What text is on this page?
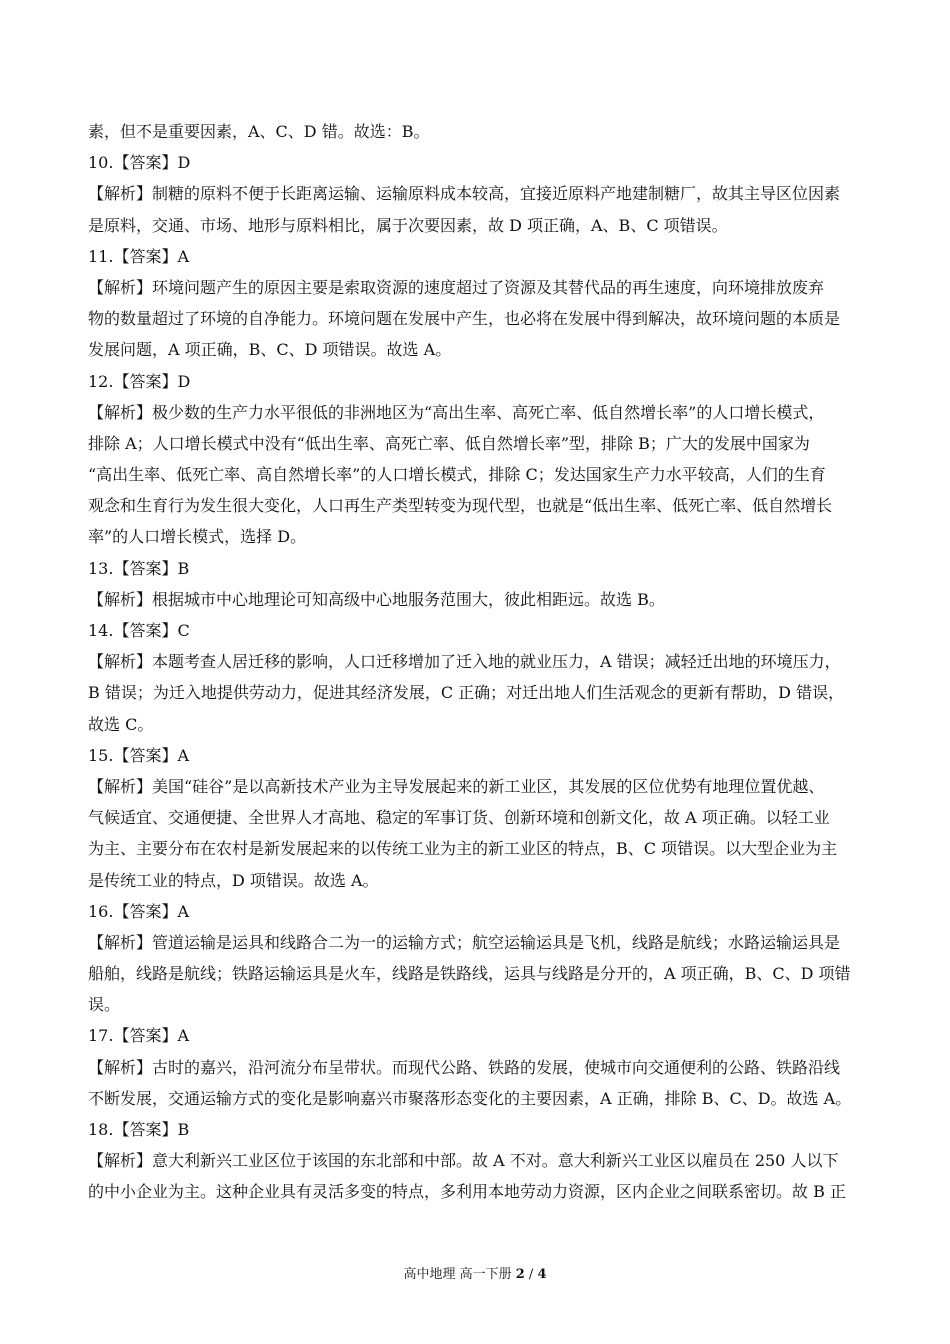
素，但不是重要因素，A、C、D 错。故选：B。
10.【答案】D
【解析】制糖的原料不便于长距离运输、运输原料成本较高，宜接近原料产地建制糖厂，故其主导区位因素
是原料，交通、市场、地形与原料相比，属于次要因素，故 D 项正确，A、B、C 项错误。
11.【答案】A
【解析】环境问题产生的原因主要是索取资源的速度超过了资源及其替代品的再生速度，向环境排放废弃
物的数量超过了环境的自净能力。环境问题在发展中产生，也必将在发展中得到解决，故环境问题的本质是
发展问题，A 项正确，B、C、D 项错误。故选 A。
12.【答案】D
【解析】极少数的生产力水平很低的非洲地区为“高出生率、高死亡率、低自然增长率”的人口增长模式，
排除 A；人口增长模式中没有“低出生率、高死亡率、低自然增长率”型，排除 B；广大的发展中国家为
“高出生率、低死亡率、高自然增长率”的人口增长模式，排除 C；发达国家生产力水平较高，人们的生育
观念和生育行为发生很大变化，人口再生产类型转变为现代型，也就是“低出生率、低死亡率、低自然增长
率”的人口增长模式，选择 D。
13.【答案】B
【解析】根据城市中心地理论可知高级中心地服务范围大，彼此相距远。故选 B。
14.【答案】C
【解析】本题考查人居迁移的影响，人口迁移增加了迁入地的就业压力，A 错误；减轻迁出地的环境压力，
B 错误；为迁入地提供劳动力，促进其经济发展，C 正确；对迁出地人们生活观念的更新有帮助，D 错误，
故选 C。
15.【答案】A
【解析】美国“硅谷”是以高新技术产业为主导发展起来的新工业区，其发展的区位优势有地理位置优越、
气候适宜、交通便捷、全世界人才高地、稳定的军事订货、创新环境和创新文化，故 A 项正确。以轻工业
为主、主要分布在农村是新发展起来的以传统工业为主的新工业区的特点，B、C 项错误。以大型企业为主
是传统工业的特点，D 项错误。故选 A。
16.【答案】A
【解析】管道运输是运具和线路合二为一的运输方式；航空运输运具是飞机，线路是航线；水路运输运具是
船舶，线路是航线；铁路运输运具是火车，线路是铁路线，运具与线路是分开的，A 项正确，B、C、D 项错
误。
17.【答案】A
【解析】古时的嘉兴，沿河流分布呈带状。而现代公路、铁路的发展，使城市向交通便利的公路、铁路沿线
不断发展，交通运输方式的变化是影响嘉兴市聚落形态变化的主要因素，A 正确，排除 B、C、D。故选 A。
18.【答案】B
【解析】意大利新兴工业区位于该国的东北部和中部。故 A 不对。意大利新兴工业区以雇员在 250 人以下
的中小企业为主。这种企业具有灵活多变的特点，多利用本地劳动力资源，区内企业之间联系密切。故 B 正
高中地理 高一下册 2 / 4
